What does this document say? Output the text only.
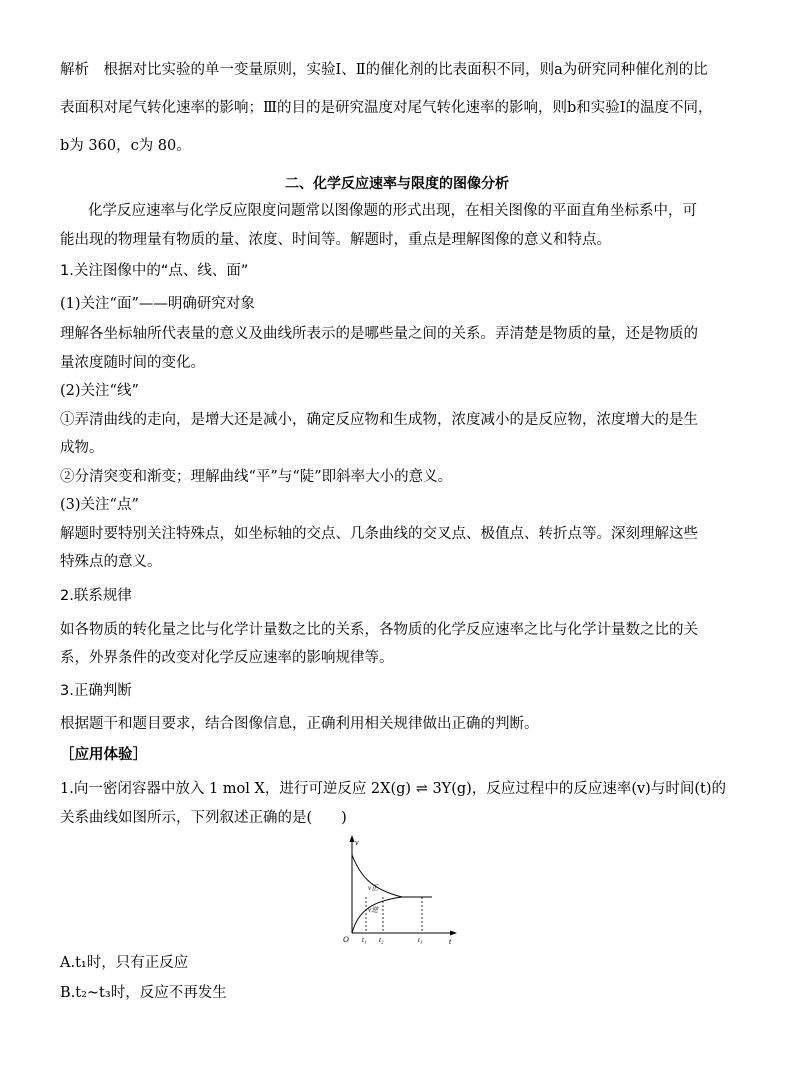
解析　根据对比实验的单一变量原则，实验Ⅰ、Ⅱ的催化剂的比表面积不同，则a为研究同种催化剂的比
表面积对尾气转化速率的影响；Ⅲ的目的是研究温度对尾气转化速率的影响，则b和实验Ⅰ的温度不同，
b为 360，c为 80。
二、化学反应速率与限度的图像分析
化学反应速率与化学反应限度问题常以图像题的形式出现，在相关图像的平面直角坐标系中，可
能出现的物理量有物质的量、浓度、时间等。解题时，重点是理解图像的意义和特点。
1.关注图像中的“点、线、面”
(1)关注“面”——明确研究对象
理解各坐标轴所代表量的意义及曲线所表示的是哪些量之间的关系。弄清楚是物质的量，还是物质的
量浓度随时间的变化。
(2)关注“线”
①弄清曲线的走向，是增大还是减小，确定反应物和生成物，浓度减小的是反应物，浓度增大的是生
成物。
②分清突变和渐变；理解曲线“平”与“陡”即斜率大小的意义。
(3)关注“点”
解题时要特别关注特殊点，如坐标轴的交点、几条曲线的交叉点、极值点、转折点等。深刻理解这些
特殊点的意义。
2.联系规律
如各物质的转化量之比与化学计量数之比的关系，各物质的化学反应速率之比与化学计量数之比的关
系，外界条件的改变对化学反应速率的影响规律等。
3.正确判断
根据题干和题目要求，结合图像信息，正确利用相关规律做出正确的判断。
［应用体验］
1.向一密闭容器中放入 1 mol X，进行可逆反应 2X(g) ⇌ 3Y(g)，反应过程中的反应速率(v)与时间(t)的
关系曲线如图所示，下列叙述正确的是(　　)
v
t
O
v正
v逆
t₁ t₂	t₃
A.t₁时，只有正反应
B.t₂~t₃时，反应不再发生
